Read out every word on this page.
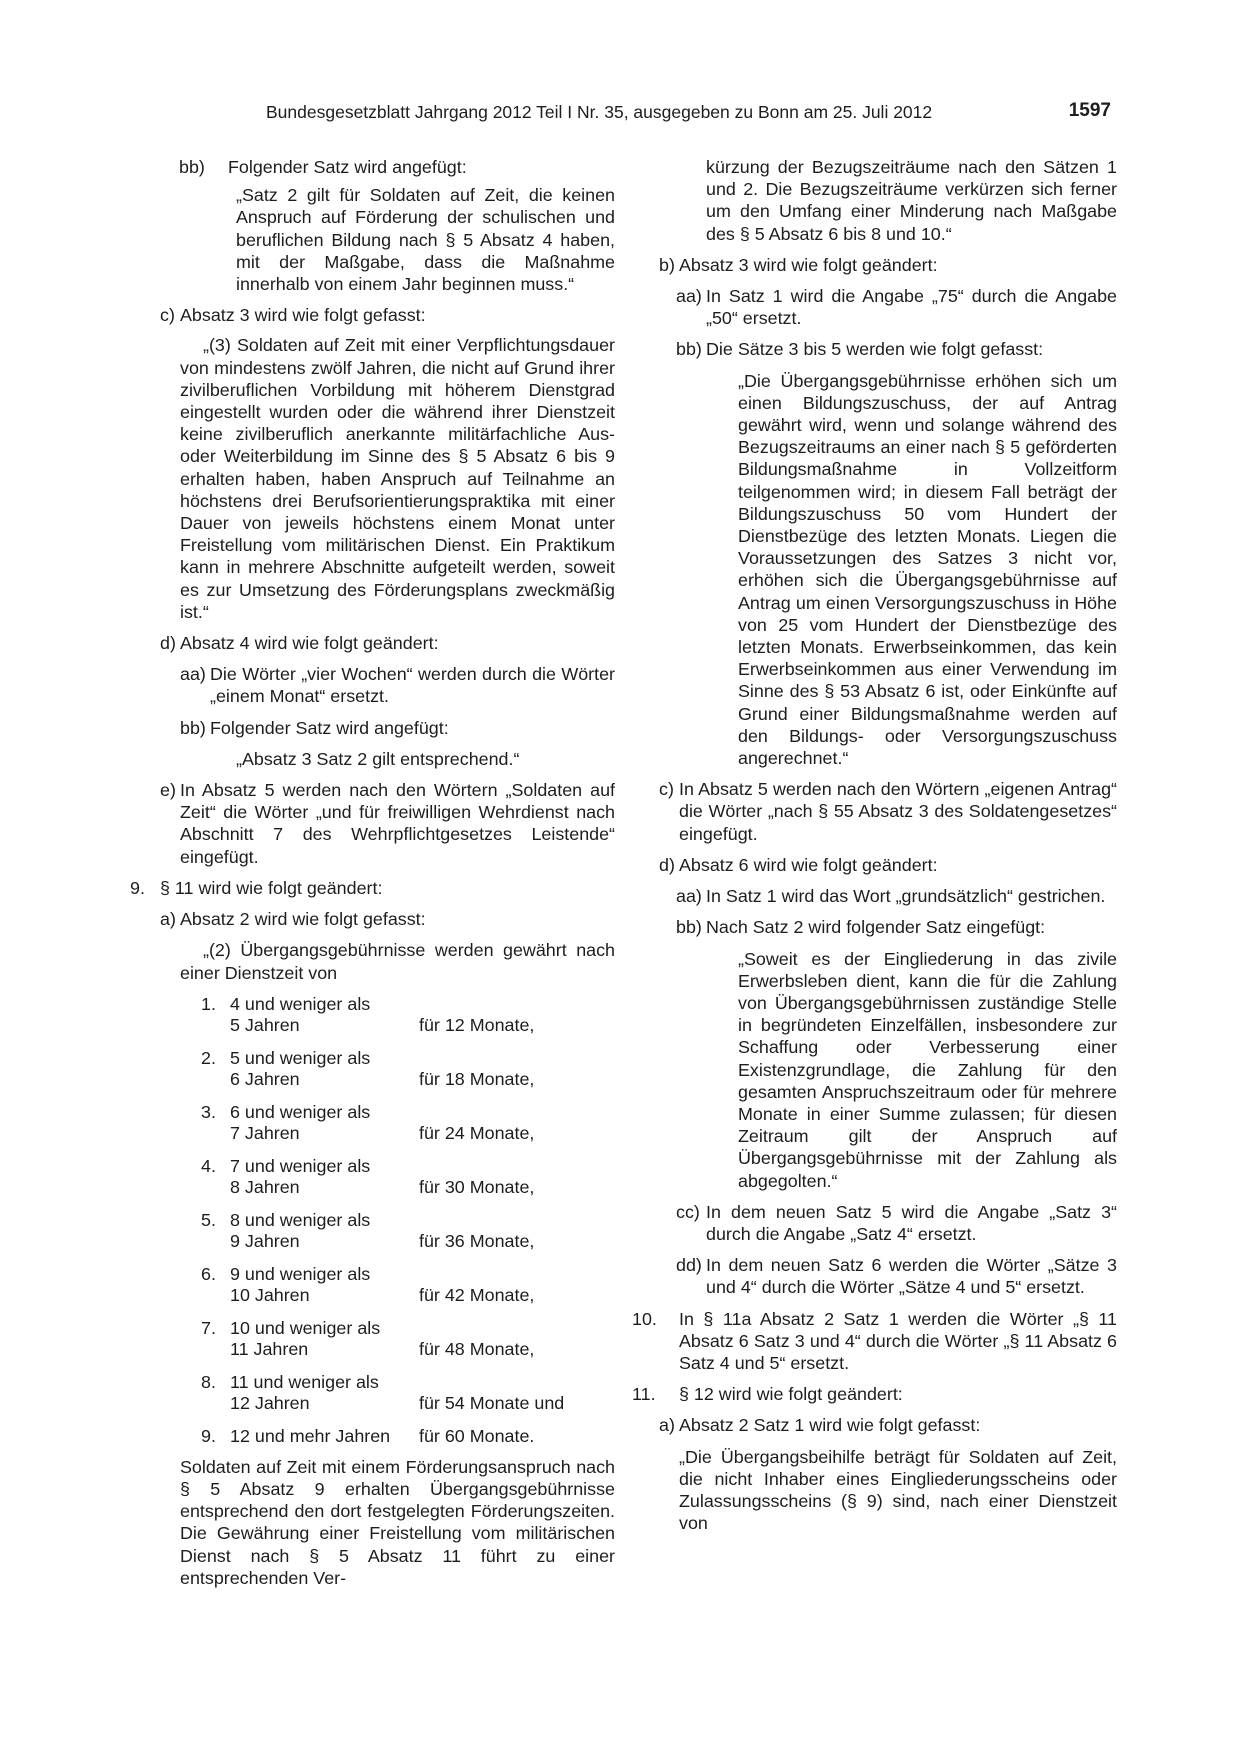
Bundesgesetzblatt Jahrgang 2012 Teil I Nr. 35, ausgegeben zu Bonn am 25. Juli 2012	1597
bb)	Folgender Satz wird angefügt:
„Satz 2 gilt für Soldaten auf Zeit, die keinen Anspruch auf Förderung der schulischen und beruflichen Bildung nach § 5 Absatz 4 haben, mit der Maßgabe, dass die Maßnahme innerhalb von einem Jahr beginnen muss.“
c) Absatz 3 wird wie folgt gefasst:
„(3) Soldaten auf Zeit mit einer Verpflichtungsdauer von mindestens zwölf Jahren, die nicht auf Grund ihrer zivilberuflichen Vorbildung mit höherem Dienstgrad eingestellt wurden oder die während ihrer Dienstzeit keine zivilberuflich anerkannte militärfachliche Aus- oder Weiterbildung im Sinne des § 5 Absatz 6 bis 9 erhalten haben, haben Anspruch auf Teilnahme an höchstens drei Berufsorientierungspraktika mit einer Dauer von jeweils höchstens einem Monat unter Freistellung vom militärischen Dienst. Ein Praktikum kann in mehrere Abschnitte aufgeteilt werden, soweit es zur Umsetzung des Förderungsplans zweckmäßig ist.“
d) Absatz 4 wird wie folgt geändert:
aa) Die Wörter „vier Wochen“ werden durch die Wörter „einem Monat“ ersetzt.
bb) Folgender Satz wird angefügt:
„Absatz 3 Satz 2 gilt entsprechend.“
e) In Absatz 5 werden nach den Wörtern „Soldaten auf Zeit“ die Wörter „und für freiwilligen Wehrdienst nach Abschnitt 7 des Wehrpflichtgesetzes Leistende“ eingefügt.
9. § 11 wird wie folgt geändert:
a) Absatz 2 wird wie folgt gefasst:
„(2) Übergangsgebührnisse werden gewährt nach einer Dienstzeit von
1. 4 und weniger als
5 Jahren	für 12 Monate,
2. 5 und weniger als
6 Jahren	für 18 Monate,
3. 6 und weniger als
7 Jahren	für 24 Monate,
4. 7 und weniger als
8 Jahren	für 30 Monate,
5. 8 und weniger als
9 Jahren	für 36 Monate,
6. 9 und weniger als
10 Jahren	für 42 Monate,
7. 10 und weniger als
11 Jahren	für 48 Monate,
8. 11 und weniger als
12 Jahren	für 54 Monate und
9. 12 und mehr Jahren für 60 Monate.
Soldaten auf Zeit mit einem Förderungsanspruch nach § 5 Absatz 9 erhalten Übergangsgebührnisse entsprechend den dort festgelegten Förderungszeiten. Die Gewährung einer Freistellung vom militärischen Dienst nach § 5 Absatz 11 führt zu einer entsprechenden Ver-
kürzung der Bezugszeiträume nach den Sätzen 1 und 2. Die Bezugszeiträume verkürzen sich ferner um den Umfang einer Minderung nach Maßgabe des § 5 Absatz 6 bis 8 und 10.“
b) Absatz 3 wird wie folgt geändert:
aa) In Satz 1 wird die Angabe „75“ durch die Angabe „50“ ersetzt.
bb) Die Sätze 3 bis 5 werden wie folgt gefasst:
„Die Übergangsgebührnisse erhöhen sich um einen Bildungszuschuss, der auf Antrag gewährt wird, wenn und solange während des Bezugszeitraums an einer nach § 5 geförderten Bildungsmaßnahme in Vollzeitform teilgenommen wird; in diesem Fall beträgt der Bildungszuschuss 50 vom Hundert der Dienstbezüge des letzten Monats. Liegen die Voraussetzungen des Satzes 3 nicht vor, erhöhen sich die Übergangsgebührnisse auf Antrag um einen Versorgungszuschuss in Höhe von 25 vom Hundert der Dienstbezüge des letzten Monats. Erwerbseinkommen, das kein Erwerbseinkommen aus einer Verwendung im Sinne des § 53 Absatz 6 ist, oder Einkünfte auf Grund einer Bildungsmaßnahme werden auf den Bildungs- oder Versorgungszuschuss angerechnet.“
c) In Absatz 5 werden nach den Wörtern „eigenen Antrag“ die Wörter „nach § 55 Absatz 3 des Soldatengesetzes“ eingefügt.
d) Absatz 6 wird wie folgt geändert:
aa) In Satz 1 wird das Wort „grundsätzlich“ gestrichen.
bb) Nach Satz 2 wird folgender Satz eingefügt:
„Soweit es der Eingliederung in das zivile Erwerbsleben dient, kann die für die Zahlung von Übergangsgebührnissen zuständige Stelle in begründeten Einzelfällen, insbesondere zur Schaffung oder Verbesserung einer Existenzgrundlage, die Zahlung für den gesamten Anspruchszeitraum oder für mehrere Monate in einer Summe zulassen; für diesen Zeitraum gilt der Anspruch auf Übergangsgebührnisse mit der Zahlung als abgegolten.“
cc) In dem neuen Satz 5 wird die Angabe „Satz 3“ durch die Angabe „Satz 4“ ersetzt.
dd) In dem neuen Satz 6 werden die Wörter „Sätze 3 und 4“ durch die Wörter „Sätze 4 und 5“ ersetzt.
10. In § 11a Absatz 2 Satz 1 werden die Wörter „§ 11 Absatz 6 Satz 3 und 4“ durch die Wörter „§ 11 Absatz 6 Satz 4 und 5“ ersetzt.
11. § 12 wird wie folgt geändert:
a) Absatz 2 Satz 1 wird wie folgt gefasst:
„Die Übergangsbeihilfe beträgt für Soldaten auf Zeit, die nicht Inhaber eines Eingliederungsscheins oder Zulassungsscheins (§ 9) sind, nach einer Dienstzeit von
